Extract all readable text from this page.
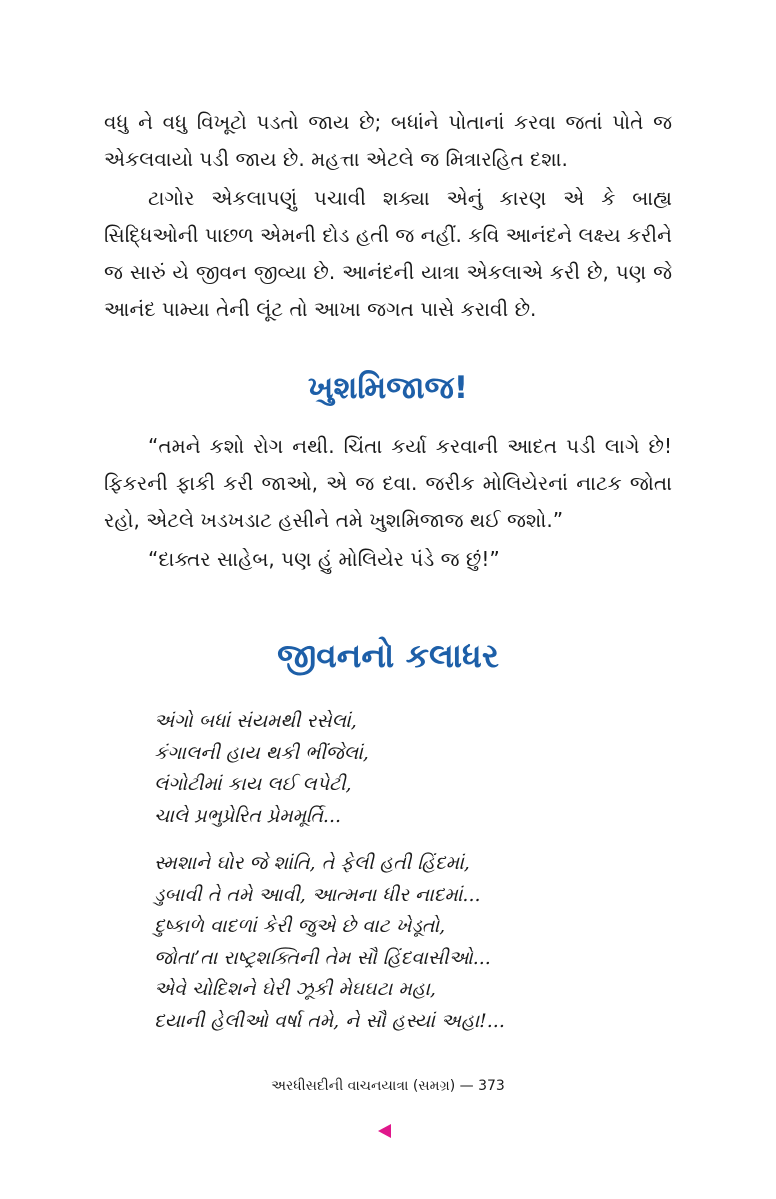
વધુ ને વધુ વિખૂટો પડતો જાય છે; બધાંને પોતાનાં કરવા જતાં પોતે જ એકલવાયો પડી જાય છે. મહત્તા એટલે જ મિત્રારહિત દશા.

ટાગોર એકલાપણું પચાવી શક્યા એનું કારણ એ કે બાહ્ય સિદ્ધિઓની પાછળ એમની દોડ હતી જ નહીં. કવિ આનંદને લક્ષ્ય કરીને જ સારું યે જીવન જીવ્યા છે. આનંદની યાત્રા એકલાએ કરી છે, પણ જે આનંદ પામ્યા તેની લૂંટ તો આખા જગત પાસે કરાવી છે.

ખુશમિજાજ!

“તમને કશો રોગ નથી. ચિંતા કર્યા કરવાની આદત પડી લાગે છે! ફિકરની ફાકી કરી જાઓ, એ જ દવા. જરીક મોલિયેરનાં નાટક જોતા રહો, એટલે ખડખડાટ હસીને તમે ખુશમિજાજ થઈ જશો.”

“દાક્તર સાહેબ, પણ હું મોલિયેર પંડે જ છું!”

જીવનનો કલાધર
અંગો બધાં સંયમથી રસેલાં,
કંગાલની હાય થકી ભીંજેલાં,
લંગોટીમાં કાય લઈ લપેટી,
ચાલે પ્રભુપ્રેરિત પ્રેમમૂર્તિ...
સ્મશાને ઘોર જે શાંતિ, તે ફેલી હતી હિંદમાં,
ડુબાવી તે તમે આવી, આત્મના ધીર નાદમાં...
દુષ્કાળે વાદળાં કેરી જુએ છે વાટ ખેડૂતો,
જોતા’તા રાષ્ટ્રશક્તિની તેમ સૌ હિંદવાસીઓ...
એવે ચોદિશને ઘેરી ઝૂકી મેઘઘટા મહા,
દયાની હેલીઓ વર્ષા તમે, ને સૌ હસ્યાં અહા!...
અરધીસદીની વાચનયાત્રા (સમગ્ર) — 373
